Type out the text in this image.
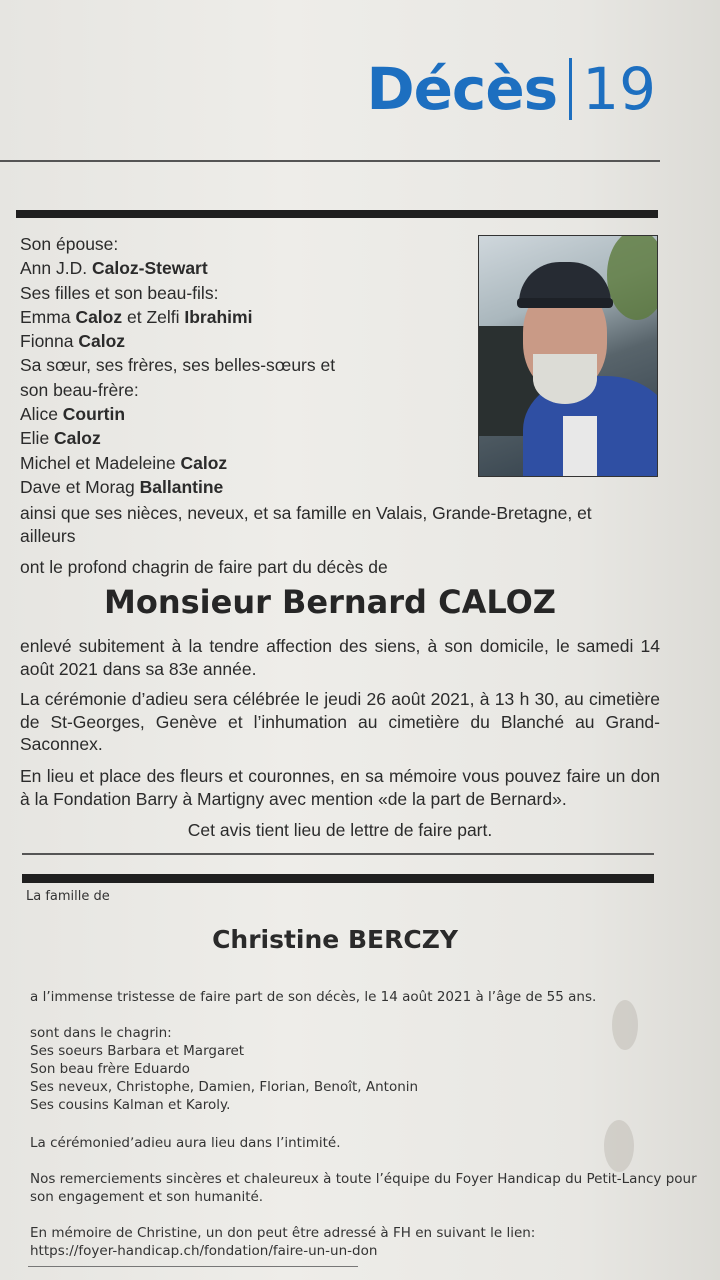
Décès 19
Son épouse:
Ann J.D. Caloz-Stewart
Ses filles et son beau-fils:
Emma Caloz et Zelfi Ibrahimi
Fionna Caloz
Sa sœur, ses frères, ses belles-sœurs et
son beau-frère:
Alice Courtin
Elie Caloz
Michel et Madeleine Caloz
Dave et Morag Ballantine
ainsi que ses nièces, neveux, et sa famille en Valais, Grande-Bretagne, et ailleurs
ont le profond chagrin de faire part du décès de
Monsieur Bernard CALOZ
enlevé subitement à la tendre affection des siens, à son domicile, le samedi 14 août 2021 dans sa 83e année.
La cérémonie d’adieu sera célébrée le jeudi 26 août 2021, à 13 h 30, au cimetière de St-Georges, Genève et l’inhumation au cimetière du Blanché au Grand-Saconnex.
En lieu et place des fleurs et couronnes, en sa mémoire vous pouvez faire un don à la Fondation Barry à Martigny avec mention «de la part de Bernard».
Cet avis tient lieu de lettre de faire part.
La famille de
Christine BERCZY
a l’immense tristesse de faire part de son décès, le 14 août 2021 à l’âge de 55 ans.
sont dans le chagrin:
Ses soeurs Barbara et Margaret
Son beau frère Eduardo
Ses neveux, Christophe, Damien, Florian, Benoît, Antonin
Ses cousins Kalman et Karoly.
La cérémoniedʼadieu aura lieu dans l’intimité.
Nos remerciements sincères et chaleureux à toute l’équipe du Foyer Handicap du Petit-Lancy pour
son engagement et son humanité.
En mémoire de Christine, un don peut être adressé à FH en suivant le lien:
https://foyer-handicap.ch/fondation/faire-un-un-don
